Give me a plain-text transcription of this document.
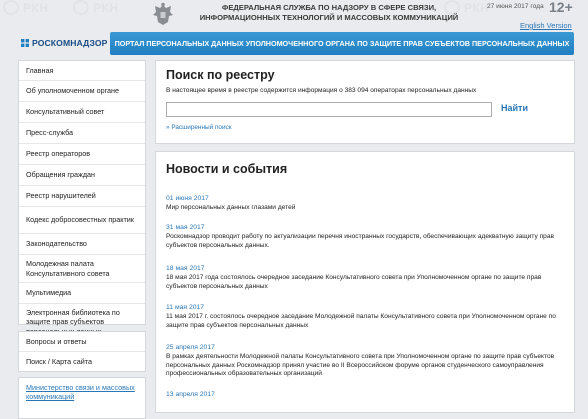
РКН	РКН	РКН
ФЕДЕРАЛЬНАЯ СЛУЖБА ПО НАДЗОРУ В СФЕРЕ СВЯЗИ, ИНФОРМАЦИОННЫХ ТЕХНОЛОГИЙ И МАССОВЫХ КОММУНИКАЦИЙ
27 июня 2017 года 12+
English Version
РОСКОМНАДЗОР ПОРТАЛ ПЕРСОНАЛЬНЫХ ДАННЫХ УПОЛНОМОЧЕННОГО ОРГАНА ПО ЗАЩИТЕ ПРАВ СУБЪЕКТОВ ПЕРСОНАЛЬНЫХ ДАННЫХ
Главная
Об уполномоченном органе
Консультативный совет
Пресс-служба
Реестр операторов
Обращения граждан
Реестр нарушителей
Кодекс добросовестных практик
Законодательство
Молодежная палата Консультативного совета
Мультимедиа
Электронная библиотека по защите прав субъектов
Вопросы и ответы
Поиск / Карта сайта
Министерство связи и массовых коммуникаций
Поиск по реестру
В настоящее время в реестре содержится информация о 383 094 операторах персональных данных
Найти
» Расширенный поиск
Новости и события
01 июня 2017
Мир персональных данных глазами детей
31 мая 2017
Роскомнадзор проводит работу по актуализации перечня иностранных государств, обеспечивающих адекватную защиту прав субъектов персональных данных.
18 мая 2017
18 мая 2017 года состоялось очередное заседание Консультативного совета при Уполномоченном органе по защите прав субъектов персональных данных
11 мая 2017
11 мая 2017 г. состоялось очередное заседание Молодежной палаты Консультативного совета при Уполномоченном органе по защите прав субъектов персональных данных
25 апреля 2017
В рамках деятельности Молодежной палаты Консультативного совета при Уполномоченном органе по защите прав субъектов персональных данных Роскомнадзор принял участие во II Всероссийском форуме органов студенческого самоуправления профессиональных образовательных организаций
13 апреля 2017
